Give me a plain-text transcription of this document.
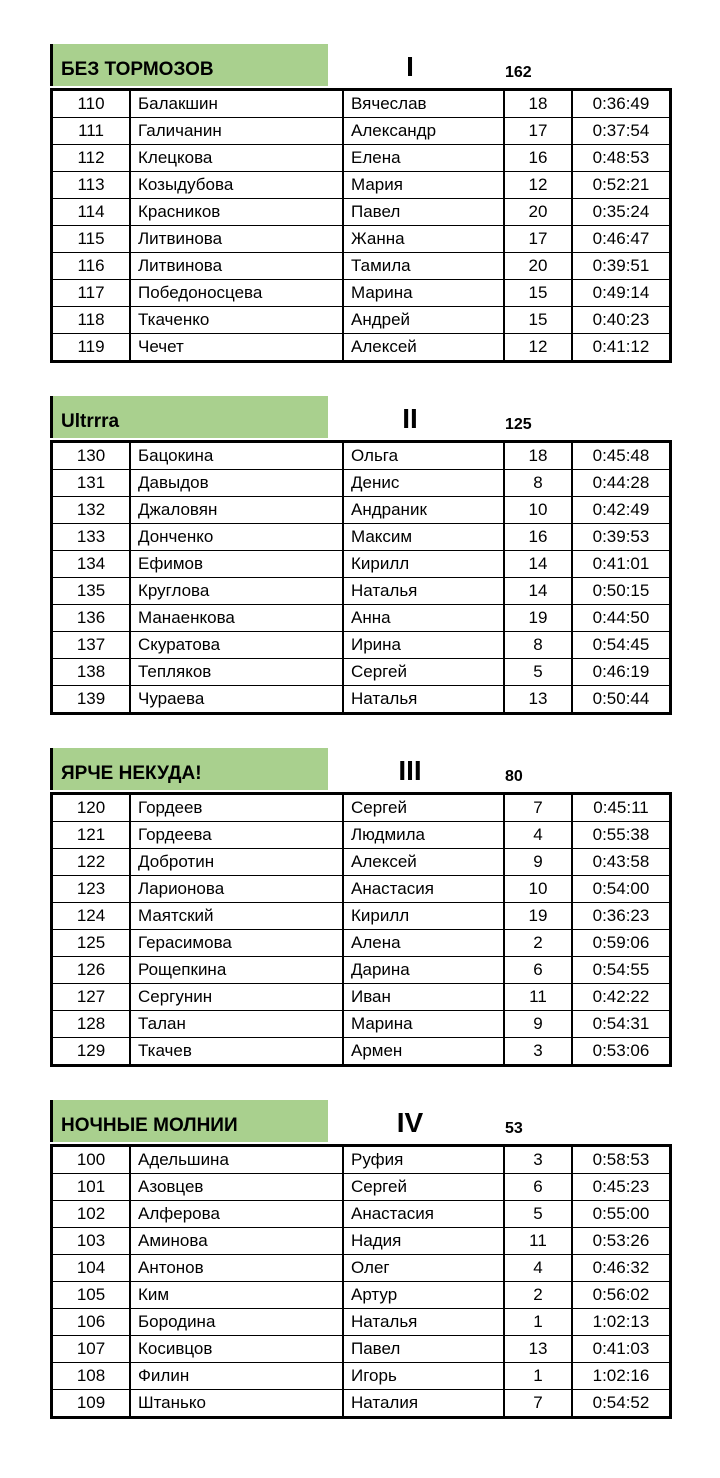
БЕЗ ТОРМОЗОВ	I	162
110	Балакшин	Вячеслав	18	0:36:49
111	Галичанин	Александр	17	0:37:54
112	Клецкова	Елена	16	0:48:53
113	Козыдубова	Мария	12	0:52:21
114	Красников	Павел	20	0:35:24
115	Литвинова	Жанна	17	0:46:47
116	Литвинова	Тамила	20	0:39:51
117	Победоносцева	Марина	15	0:49:14
118	Ткаченко	Андрей	15	0:40:23
119	Чечет	Алексей	12	0:41:12
Ultrrra	II	125
130	Бацокина	Ольга	18	0:45:48
131	Давыдов	Денис	8	0:44:28
132	Джаловян	Андраник	10	0:42:49
133	Донченко	Максим	16	0:39:53
134	Ефимов	Кирилл	14	0:41:01
135	Круглова	Наталья	14	0:50:15
136	Манаенкова	Анна	19	0:44:50
137	Скуратова	Ирина	8	0:54:45
138	Тепляков	Сергей	5	0:46:19
139	Чураева	Наталья	13	0:50:44
ЯРЧЕ НЕКУДА!	III	80
120	Гордеев	Сергей	7	0:45:11
121	Гордеева	Людмила	4	0:55:38
122	Добротин	Алексей	9	0:43:58
123	Ларионова	Анастасия	10	0:54:00
124	Маятский	Кирилл	19	0:36:23
125	Герасимова	Алена	2	0:59:06
126	Рощепкина	Дарина	6	0:54:55
127	Сергунин	Иван	11	0:42:22
128	Талан	Марина	9	0:54:31
129	Ткачев	Армен	3	0:53:06
НОЧНЫЕ МОЛНИИ	IV	53
100	Адельшина	Руфия	3	0:58:53
101	Азовцев	Сергей	6	0:45:23
102	Алферова	Анастасия	5	0:55:00
103	Аминова	Надия	11	0:53:26
104	Антонов	Олег	4	0:46:32
105	Ким	Артур	2	0:56:02
106	Бородина	Наталья	1	1:02:13
107	Косивцов	Павел	13	0:41:03
108	Филин	Игорь	1	1:02:16
109	Штанько	Наталия	7	0:54:52
